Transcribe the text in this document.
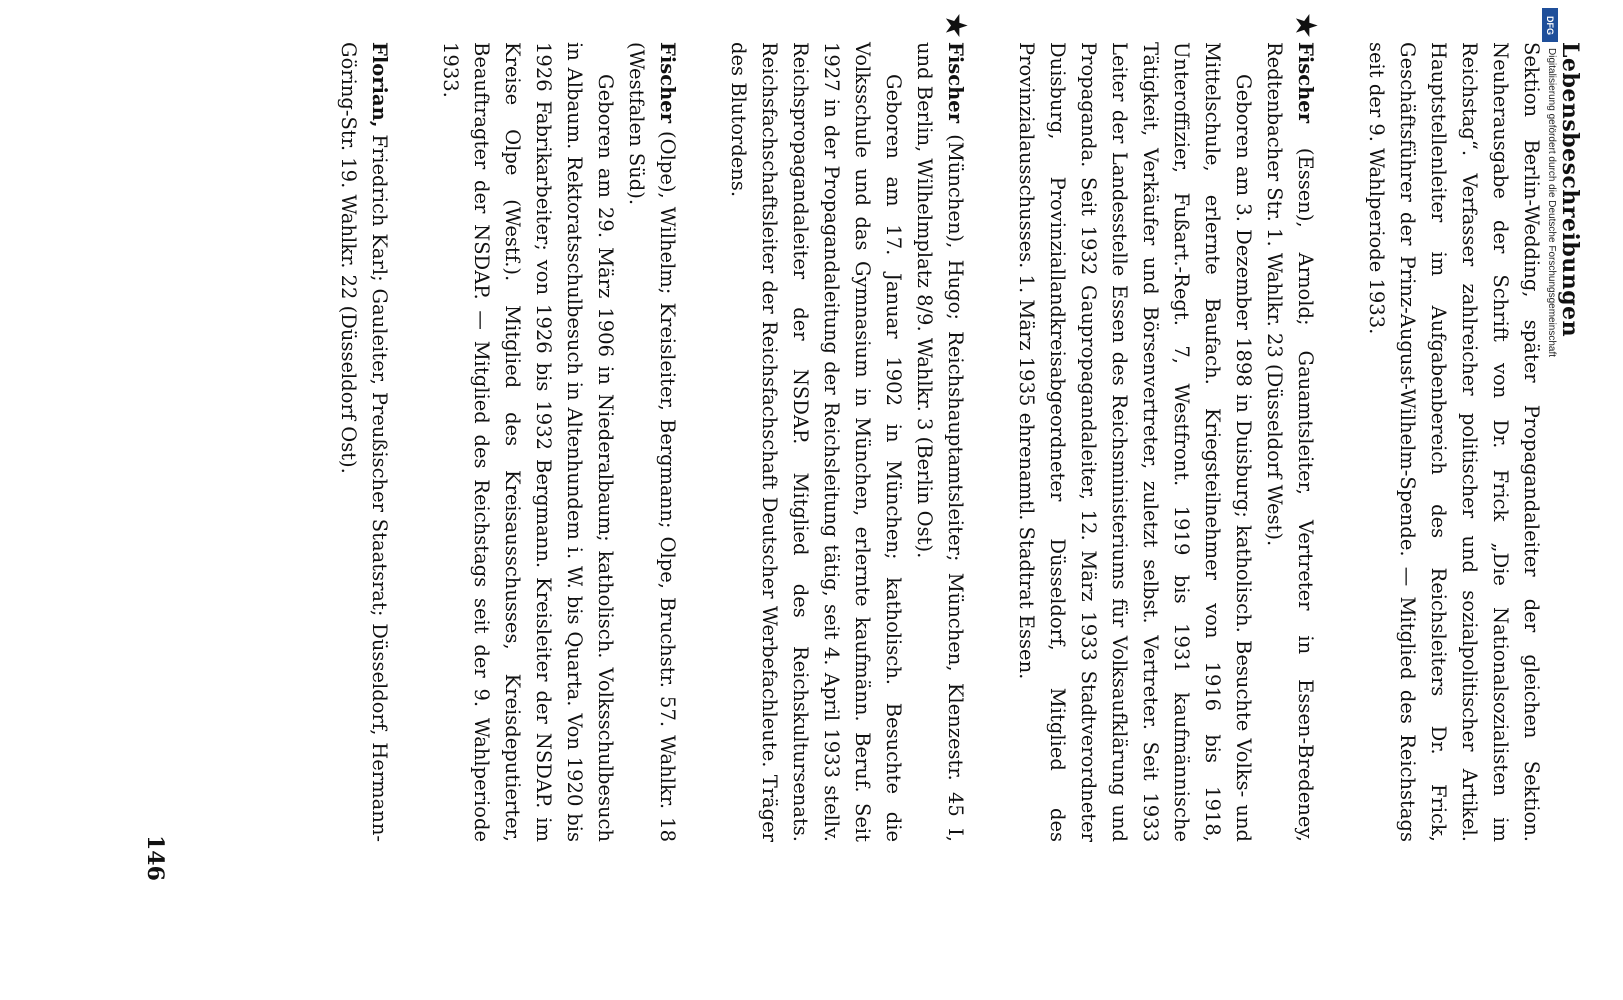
Lebensbeschreibungen

Sektion Berlin-Wedding, später Propagandaleiter der gleichen Sektion. Neuherausgabe der Schrift von Dr. Frick „Die Nationalsozialisten im Reichstag“. Verfasser zahlreicher politischer und sozialpolitischer Artikel. Hauptstellenleiter im Aufgabenbereich des Reichsleiters Dr. Frick, Geschäftsführer der Prinz-August-Wilhelm-Spende. — Mitglied des Reichstags seit der 9. Wahlperiode 1933.

★

Fischer (Essen), Arnold; Gauamtsleiter, Vertreter in Essen-Bredeney, Redtenbacher Str. 1. Wahlkr. 23 (Düsseldorf West).

Geboren am 3. Dezember 1898 in Duisburg; katholisch. Besuchte Volks- und Mittelschule, erlernte Baufach. Kriegsteilnehmer von 1916 bis 1918, Unteroffizier, Fußart.-Regt. 7, Westfront. 1919 bis 1931 kaufmännische Tätigkeit, Verkäufer und Börsenvertreter, zuletzt selbst. Vertreter. Seit 1933 Leiter der Landesstelle Essen des Reichsministeriums für Volksaufklärung und Propaganda. Seit 1932 Gaupropagandaleiter, 12. März 1933 Stadtverordneter Duisburg, Provinziallandkreisabgeordneter Düsseldorf, Mitglied des Provinzialausschusses. 1. März 1935 ehrenamtl. Stadtrat Essen.

★

Fischer (München), Hugo; Reichshauptamtsleiter; München, Klenzestr. 45 I, und Berlin, Wilhelmplatz 8/9. Wahlkr. 3 (Berlin Ost).

Geboren am 17. Januar 1902 in München; katholisch. Besuchte die Volksschule und das Gymnasium in München, erlernte kaufmänn. Beruf. Seit 1927 in der Propagandaleitung der Reichsleitung tätig, seit 4. April 1933 stellv. Reichspropagandaleiter der NSDAP. Mitglied des Reichskultursenats. Reichsfachschaftsleiter der Reichsfachschaft Deutscher Werbefachleute. Träger des Blutordens.

Fischer (Olpe), Wilhelm; Kreisleiter, Bergmann; Olpe, Bruchstr. 57. Wahlkr. 18 (Westfalen Süd).

Geboren am 29. März 1906 in Niederalbaum; katholisch. Volksschulbesuch in Albaum. Rektoratsschulbesuch in Altenhundem i. W. bis Quarta. Von 1920 bis 1926 Fabrikarbeiter; von 1926 bis 1932 Bergmann. Kreisleiter der NSDAP. im Kreise Olpe (Westf.). Mitglied des Kreisausschusses, Kreisdeputierter, Beauftragter der NSDAP. — Mitglied des Reichstags seit der 9. Wahlperiode 1933.

Florian, Friedrich Karl; Gauleiter, Preußischer Staatsrat; Düsseldorf, Hermann-Göring-Str. 19. Wahlkr. 22 (Düsseldorf Ost).

146
DFG
Digitalisierung gefördert durch die Deutsche Forschungsgemeinschaft
